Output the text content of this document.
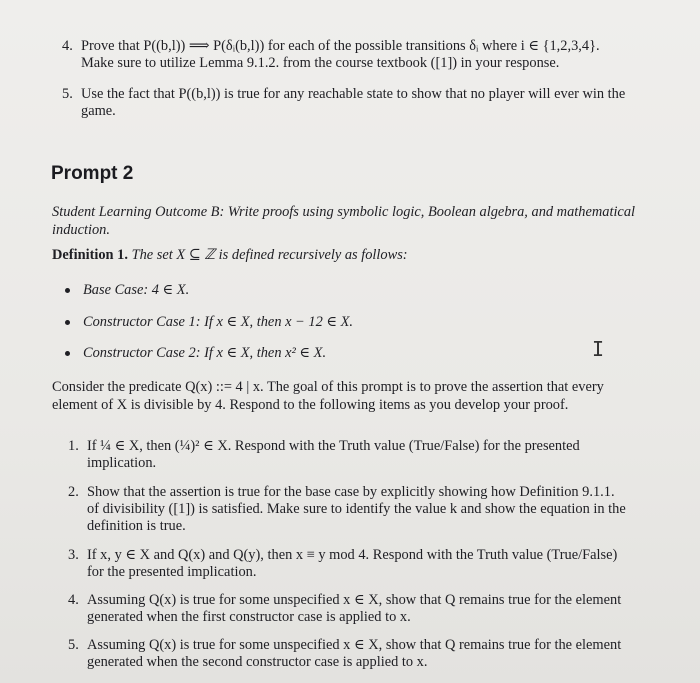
4. Prove that P((b,l)) ⟹ P(δᵢ(b,l)) for each of the possible transitions δᵢ where i ∈ {1,2,3,4}. Make sure to utilize Lemma 9.1.2. from the course textbook ([1]) in your response.
5. Use the fact that P((b,l)) is true for any reachable state to show that no player will ever win the game.
Prompt 2
Student Learning Outcome B: Write proofs using symbolic logic, Boolean algebra, and mathematical induction.
Definition 1. The set X ⊆ ℤ is defined recursively as follows:
Base Case: 4 ∈ X.
Constructor Case 1: If x ∈ X, then x − 12 ∈ X.
Constructor Case 2: If x ∈ X, then x² ∈ X.	I
Consider the predicate Q(x) ::= 4 | x. The goal of this prompt is to prove the assertion that every element of X is divisible by 4. Respond to the following items as you develop your proof.
1. If ¼ ∈ X, then (¼)² ∈ X. Respond with the Truth value (True/False) for the presented implication.
2. Show that the assertion is true for the base case by explicitly showing how Definition 9.1.1. of divisibility ([1]) is satisfied. Make sure to identify the value k and show the equation in the definition is true.
3. If x, y ∈ X and Q(x) and Q(y), then x ≡ y mod 4. Respond with the Truth value (True/False) for the presented implication.
4. Assuming Q(x) is true for some unspecified x ∈ X, show that Q remains true for the element generated when the first constructor case is applied to x.
5. Assuming Q(x) is true for some unspecified x ∈ X, show that Q remains true for the element generated when the second constructor case is applied to x.
